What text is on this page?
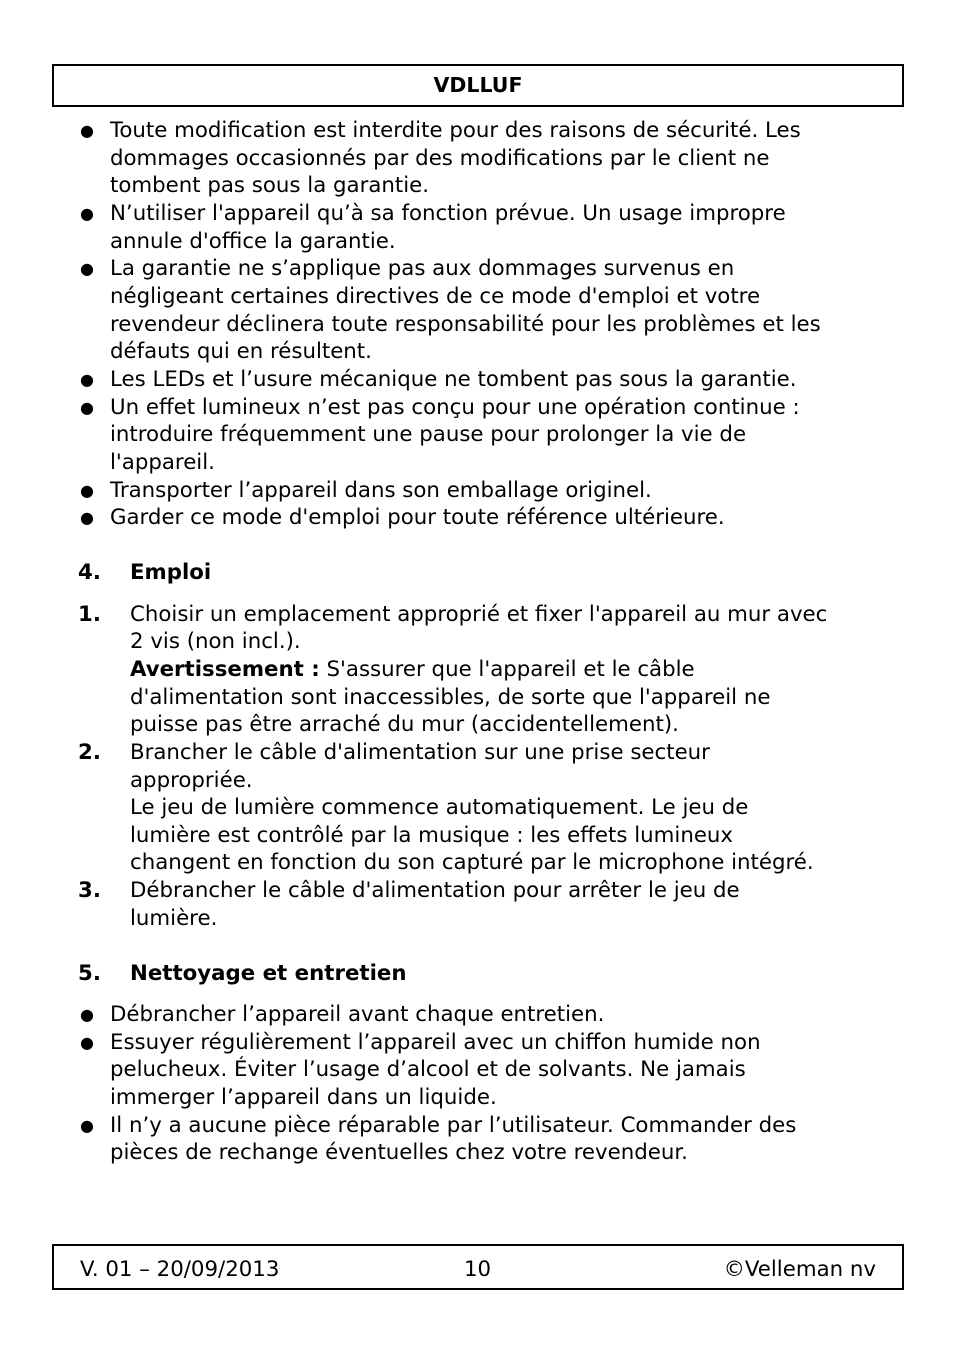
VDLLUF
● Toute modification est interdite pour des raisons de sécurité. Les
dommages occasionnés par des modifications par le client ne
tombent pas sous la garantie.
● N’utiliser l'appareil qu’à sa fonction prévue. Un usage impropre
annule d'office la garantie.
● La garantie ne s’applique pas aux dommages survenus en
négligeant certaines directives de ce mode d'emploi et votre
revendeur déclinera toute responsabilité pour les problèmes et les
défauts qui en résultent.
● Les LEDs et l’usure mécanique ne tombent pas sous la garantie.
● Un effet lumineux n’est pas conçu pour une opération continue :
introduire fréquemment une pause pour prolonger la vie de
l'appareil.
● Transporter l’appareil dans son emballage originel.
● Garder ce mode d'emploi pour toute référence ultérieure.
4. Emploi
1. Choisir un emplacement approprié et fixer l'appareil au mur avec
2 vis (non incl.).
Avertissement : S'assurer que l'appareil et le câble
d'alimentation sont inaccessibles, de sorte que l'appareil ne
puisse pas être arraché du mur (accidentellement).
2. Brancher le câble d'alimentation sur une prise secteur
appropriée.
Le jeu de lumière commence automatiquement. Le jeu de
lumière est contrôlé par la musique : les effets lumineux
changent en fonction du son capturé par le microphone intégré.
3. Débrancher le câble d'alimentation pour arrêter le jeu de
lumière.
5. Nettoyage et entretien
● Débrancher l’appareil avant chaque entretien.
● Essuyer régulièrement l’appareil avec un chiffon humide non
pelucheux. Éviter l’usage d’alcool et de solvants. Ne jamais
immerger l’appareil dans un liquide.
● Il n’y a aucune pièce réparable par l’utilisateur. Commander des
pièces de rechange éventuelles chez votre revendeur.
V. 01 – 20/09/2013	10	©Velleman nv
